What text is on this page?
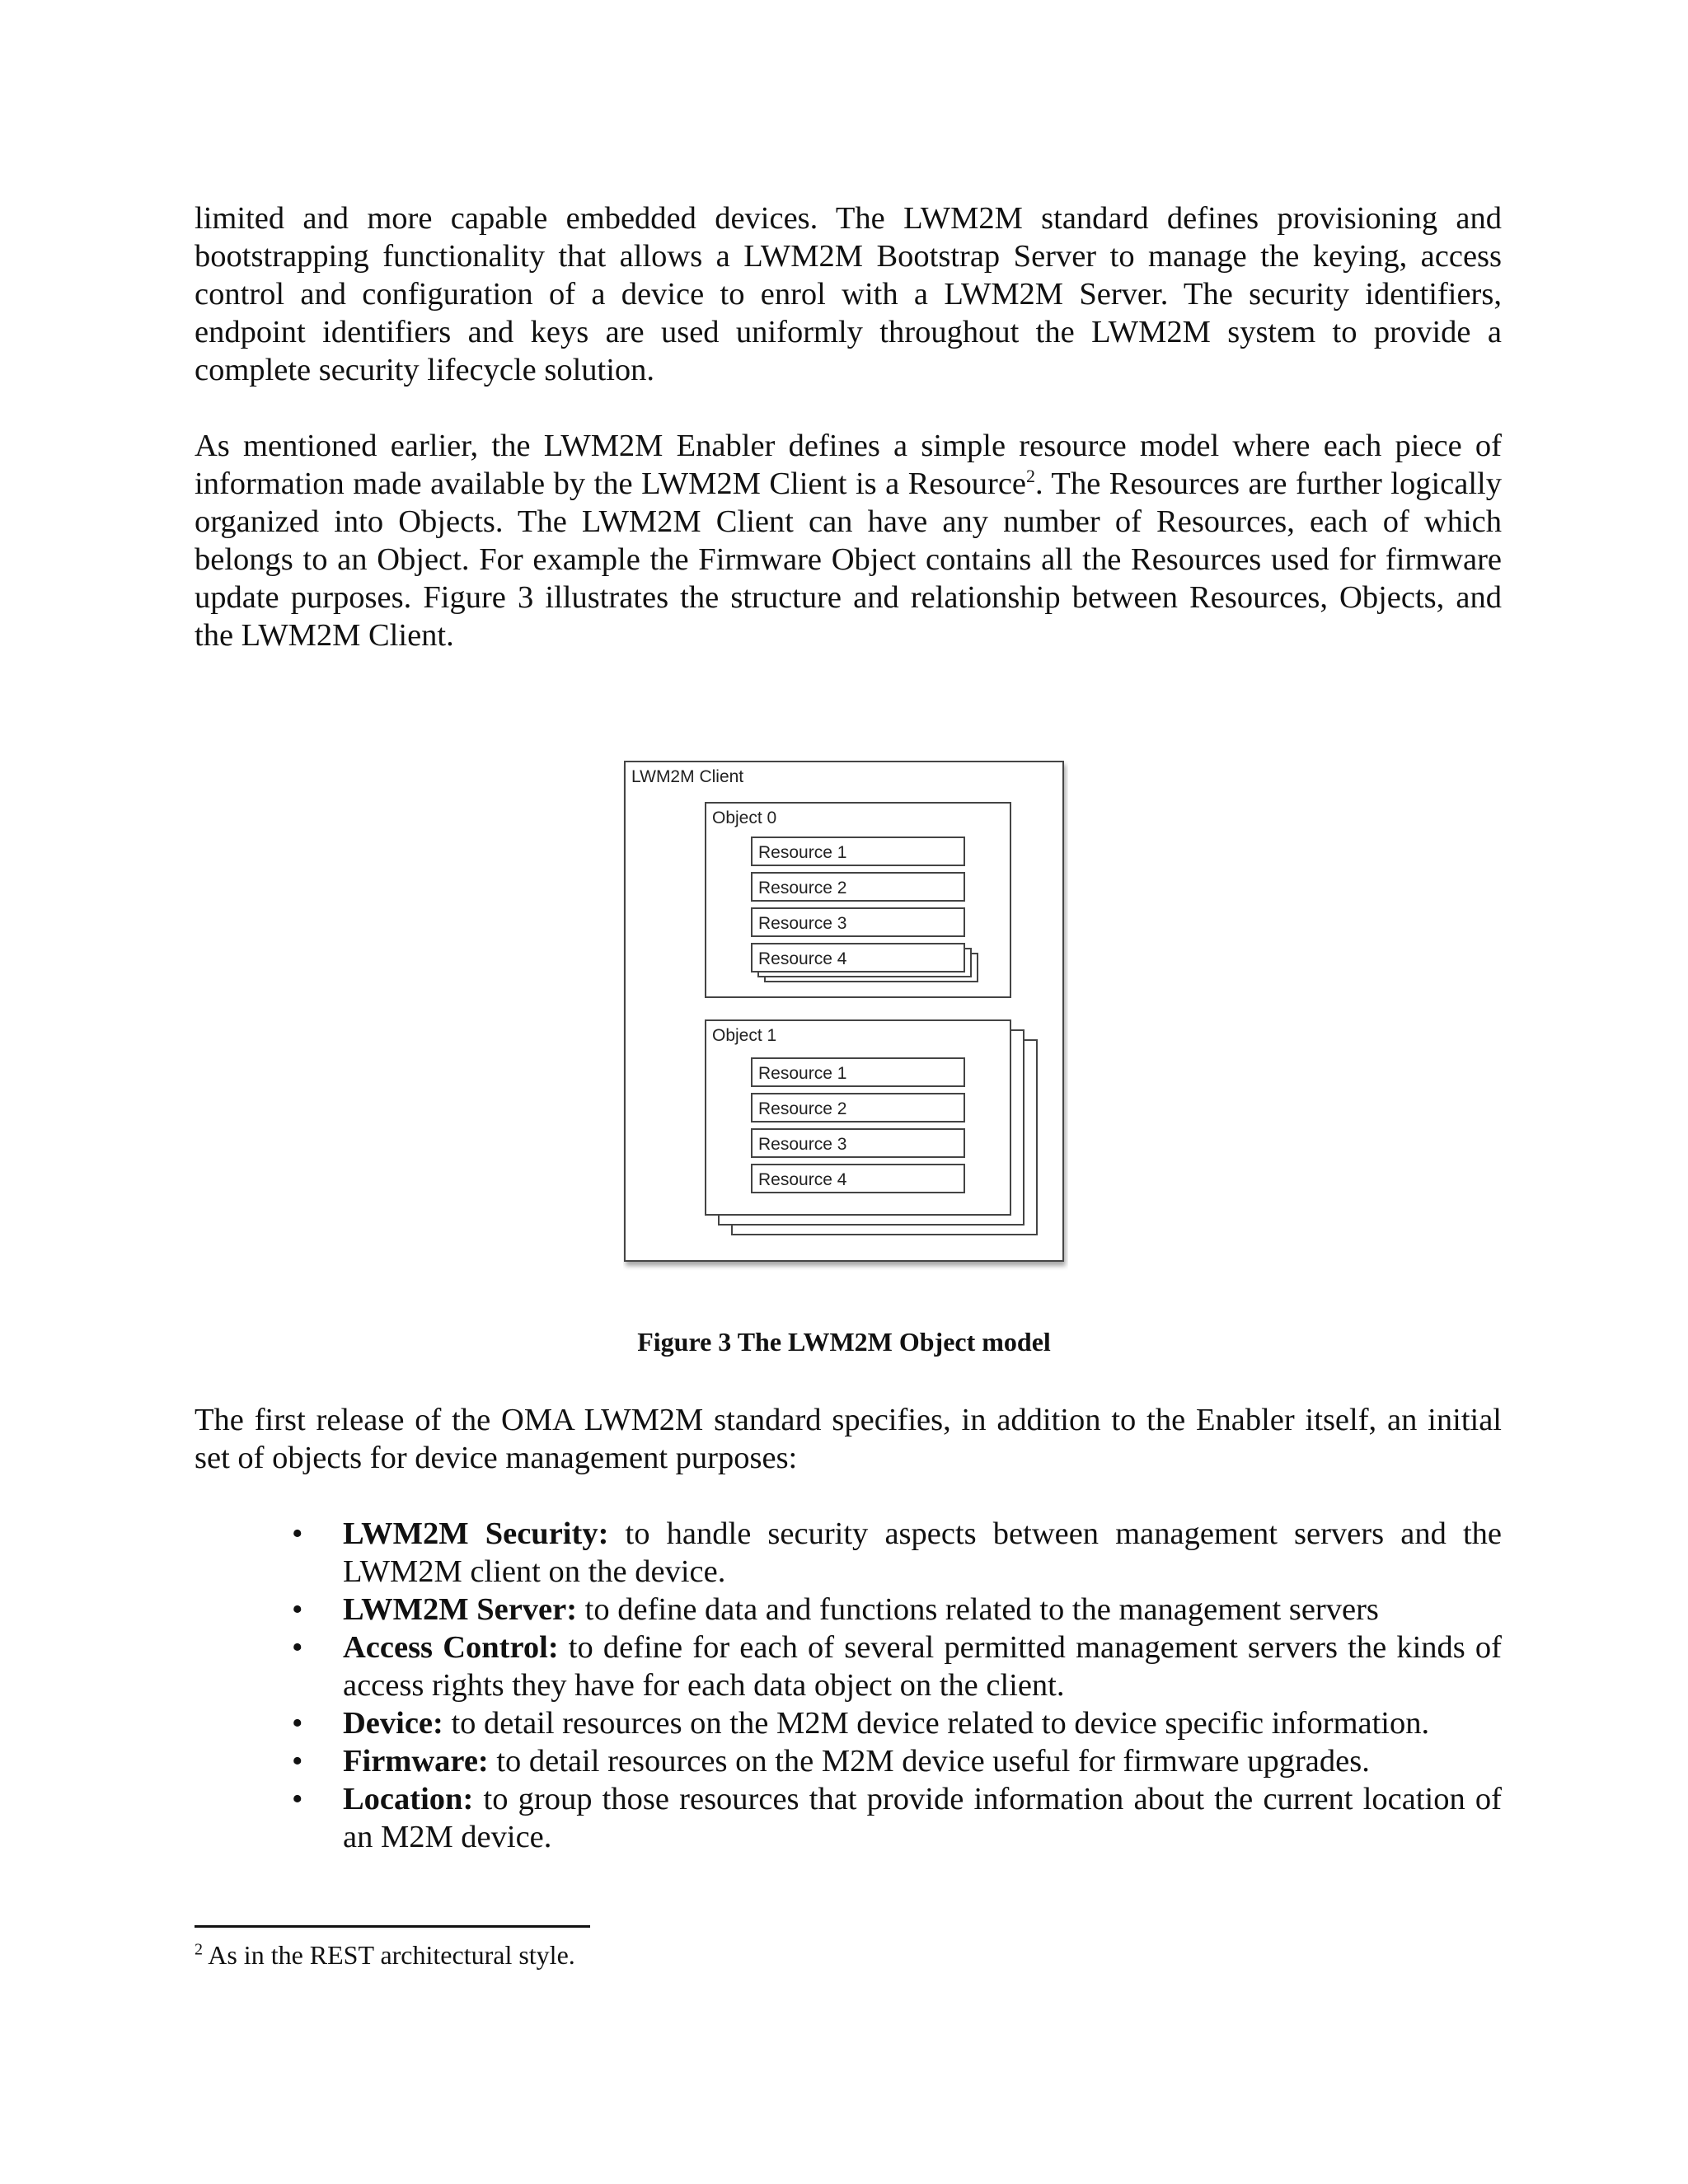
limited and more capable embedded devices. The LWM2M standard defines provisioning and bootstrapping functionality that allows a LWM2M Bootstrap Server to manage the keying, access control and configuration of a device to enrol with a LWM2M Server. The security identifiers, endpoint identifiers and keys are used uniformly throughout the LWM2M system to provide a complete security lifecycle solution.

As mentioned earlier, the LWM2M Enabler defines a simple resource model where each piece of information made available by the LWM2M Client is a Resource$^2$. The Resources are further logically organized into Objects. The LWM2M Client can have any number of Resources, each of which belongs to an Object. For example the Firmware Object contains all the Resources used for firmware update purposes. Figure 3 illustrates the structure and relationship between Resources, Objects, and the LWM2M Client.

LWM2M Client
Object 0
Resource 1
Resource 2
Resource 3
Resource 4
Object 1
Resource 1
Resource 2
Resource 3
Resource 4

Figure 3 The LWM2M Object model

The first release of the OMA LWM2M standard specifies, in addition to the Enabler itself, an initial set of objects for device management purposes:

• LWM2M Security: to handle security aspects between management servers and the LWM2M client on the device.
• LWM2M Server: to define data and functions related to the management servers
• Access Control: to define for each of several permitted management servers the kinds of access rights they have for each data object on the client.
• Device: to detail resources on the M2M device related to device specific information.
• Firmware: to detail resources on the M2M device useful for firmware upgrades.
• Location: to group those resources that provide information about the current location of an M2M device.

$^2$ As in the REST architectural style.
